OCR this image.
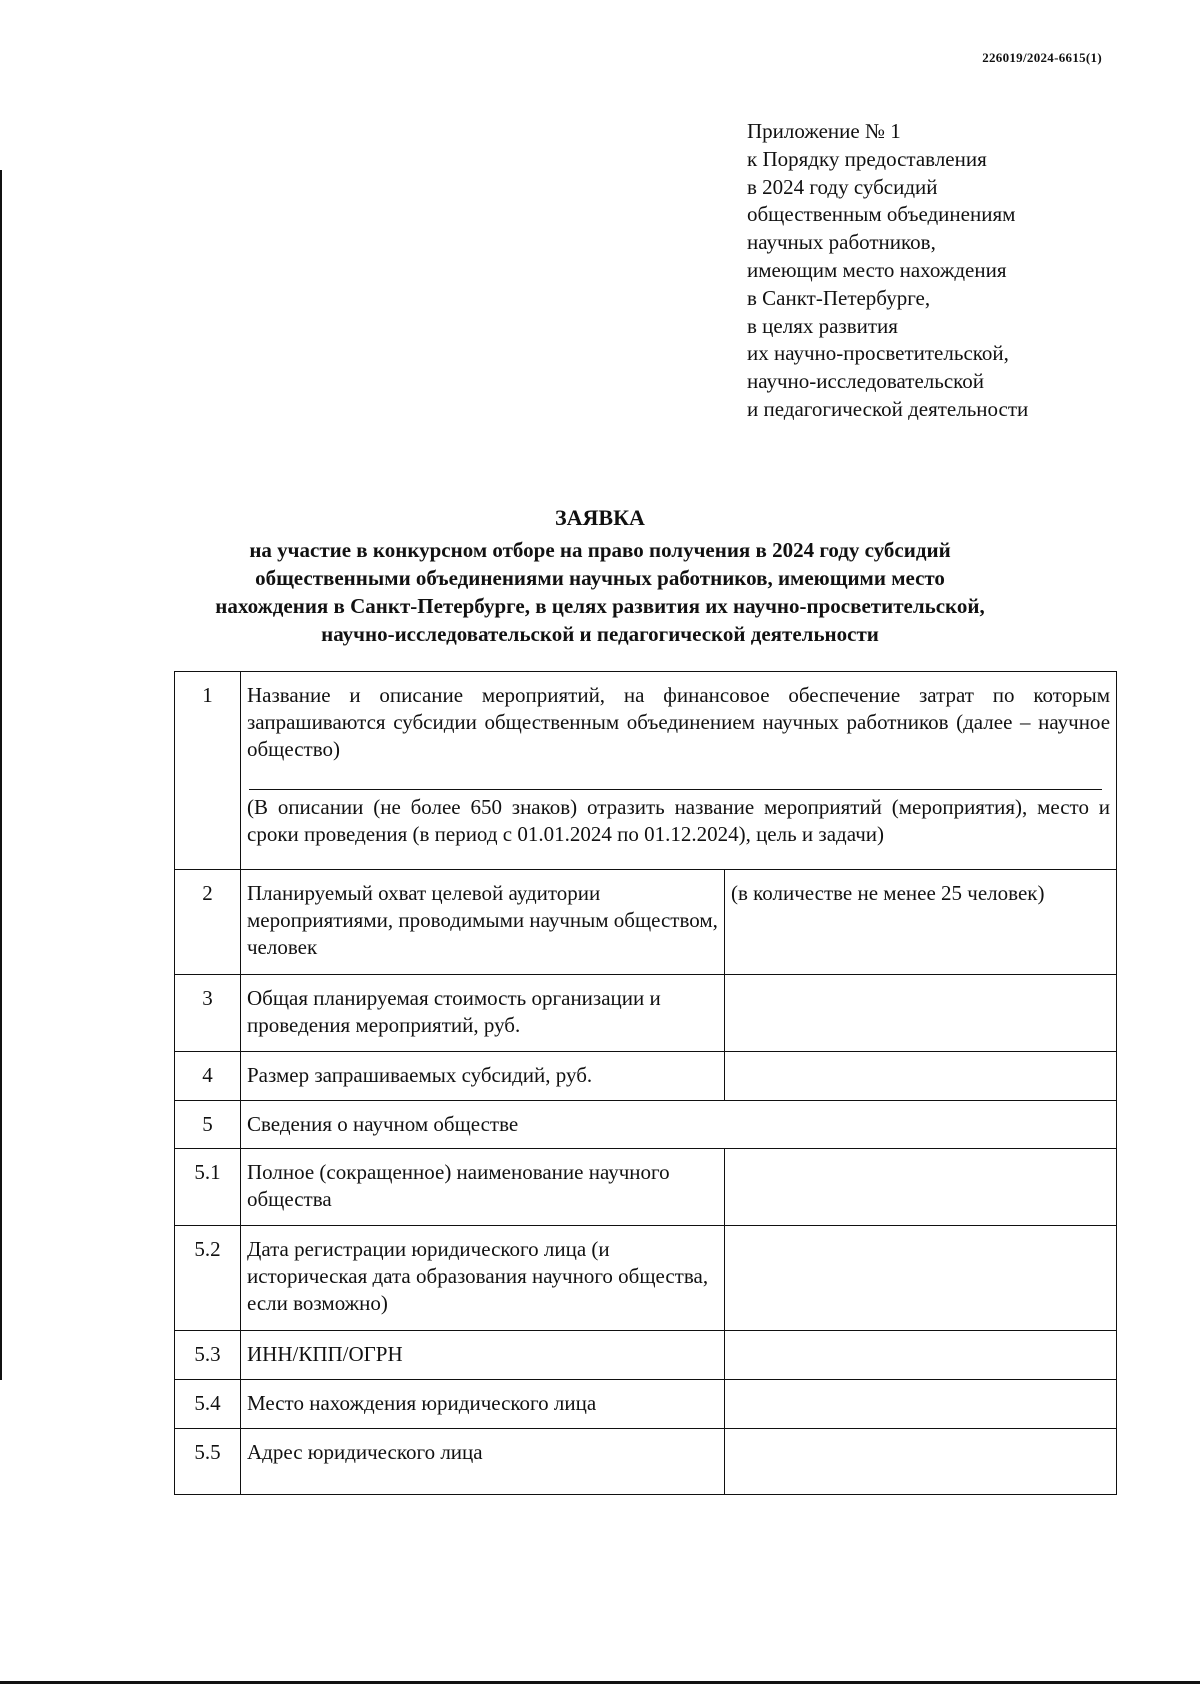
226019/2024-6615(1)
Приложение № 1
к Порядку предоставления
в 2024 году субсидий
общественным объединениям
научных работников,
имеющим место нахождения
в Санкт-Петербурге,
в целях развития
их научно-просветительской,
научно-исследовательской
и педагогической деятельности
ЗАЯВКА
на участие в конкурсном отборе на право получения в 2024 году субсидий
общественными объединениями научных работников, имеющими место
нахождения в Санкт-Петербурге, в целях развития их научно-просветительской,
научно-исследовательской и педагогической деятельности
1	Название и описание мероприятий, на финансовое обеспечение затрат по которым запрашиваются субсидии общественным объединением научных работников (далее – научное общество)
(В описании (не более 650 знаков) отразить название мероприятий (мероприятия), место и сроки проведения (в период с 01.01.2024 по 01.12.2024), цель и задачи)	

2	Планируемый охват целевой аудитории мероприятиями, проводимыми научным обществом, человек	(в количестве не менее 25 человек)
3	Общая планируемая стоимость организации и проведения мероприятий, руб.	
4	Размер запрашиваемых субсидий, руб.	
5	Сведения о научном обществе	
5.1	Полное (сокращенное) наименование научного общества	
5.2	Дата регистрации юридического лица (и историческая дата образования научного общества, если возможно)	
5.3	ИНН/КПП/ОГРН	
5.4	Место нахождения юридического лица	
5.5	Адрес юридического лица	
